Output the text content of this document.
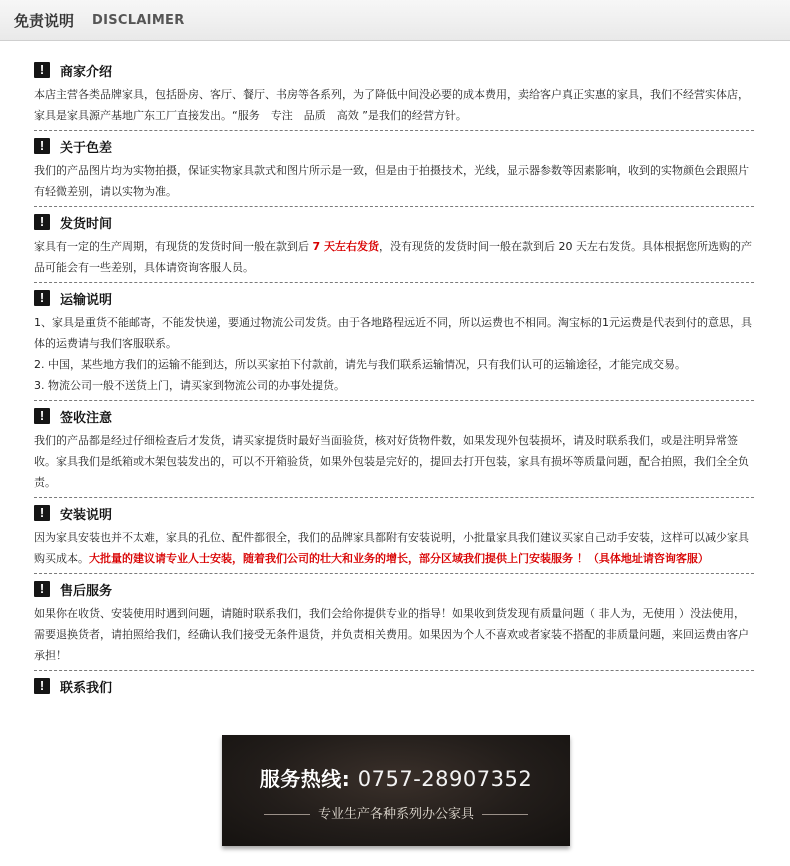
免责说明 DISCLAIMER
!	商家介绍
本店主营各类品牌家具，包括卧房、客厅、餐厅、书房等各系列，为了降低中间没必要的成本费用，卖给客户真正实惠的家具，我们不经营实体店，家具是家具源产基地广东工厂直接发出。“服务　专注　品质　高效 ”是我们的经营方针。
!	关于色差
我们的产品图片均为实物拍摄，保证实物家具款式和图片所示是一致，但是由于拍摄技术，光线，显示器参数等因素影响，收到的实物颜色会跟照片有轻微差别，请以实物为准。
!	发货时间
家具有一定的生产周期，有现货的发货时间一般在款到后 7 天左右发货，没有现货的发货时间一般在款到后 20 天左右发货。具体根据您所选购的产品可能会有一些差别，具体请资询客服人员。
!	运输说明
1、家具是重货不能邮寄，不能发快递，要通过物流公司发货。由于各地路程远近不同，所以运费也不相同。淘宝标的1元运费是代表到付的意思，具体的运费请与我们客服联系。
2. 中国，某些地方我们的运输不能到达，所以买家拍下付款前，请先与我们联系运输情况，只有我们认可的运输途径，才能完成交易。
3. 物流公司一般不送货上门，请买家到物流公司的办事处提货。
!	签收注意
我们的产品都是经过仔细检查后才发货，请买家提货时最好当面验货，核对好货物件数，如果发现外包装损坏，请及时联系我们，或是注明异常签收。家具我们是纸箱或木架包装发出的，可以不开箱验货，如果外包装是完好的，提回去打开包装，家具有损坏等质量问题，配合拍照，我们全全负责。
!	安装说明
因为家具安装也并不太难，家具的孔位、配件都很全，我们的品牌家具都附有安装说明，小批量家具我们建议买家自己动手安装，这样可以减少家具购买成本。大批量的建议请专业人士安装，随着我们公司的壮大和业务的增长，部分区域我们提供上门安装服务 ！（具体地址请咨询客服）
!	售后服务
如果你在收货、安装使用时遇到问题，请随时联系我们，我们会给你提供专业的指导！如果收到货发现有质量问题（ 非人为，无使用 ）没法使用，需要退换货者，请拍照给我们，经确认我们接受无条件退货，并负责相关费用。如果因为个人不喜欢或者家装不搭配的非质量问题，来回运费由客户承担！
!	联系我们
服务热线: 0757-28907352
专业生产各种系列办公家具
